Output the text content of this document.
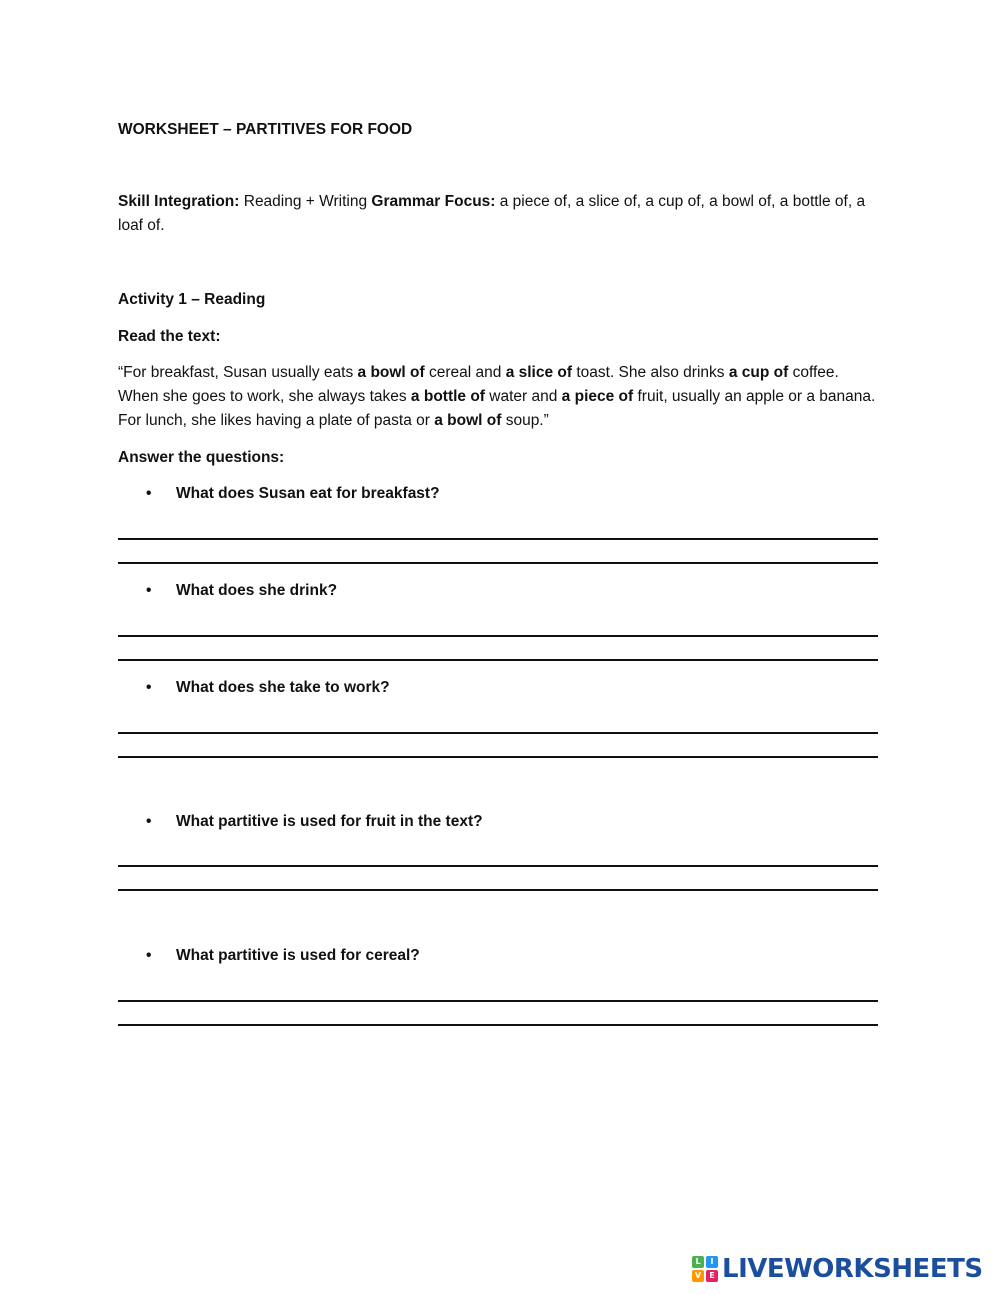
WORKSHEET – PARTITIVES FOR FOOD
Skill Integration: Reading + Writing Grammar Focus: a piece of, a slice of, a cup of, a bowl of, a bottle of, a loaf of.
Activity 1 – Reading
Read the text:
“For breakfast, Susan usually eats a bowl of cereal and a slice of toast. She also drinks a cup of coffee. When she goes to work, she always takes a bottle of water and a piece of fruit, usually an apple or a banana. For lunch, she likes having a plate of pasta or a bowl of soup.”
Answer the questions:
• What does Susan eat for breakfast?
• What does she drink?
• What does she take to work?
• What partitive is used for fruit in the text?
• What partitive is used for cereal?
L	I
V	E LIVEWORKSHEETS
